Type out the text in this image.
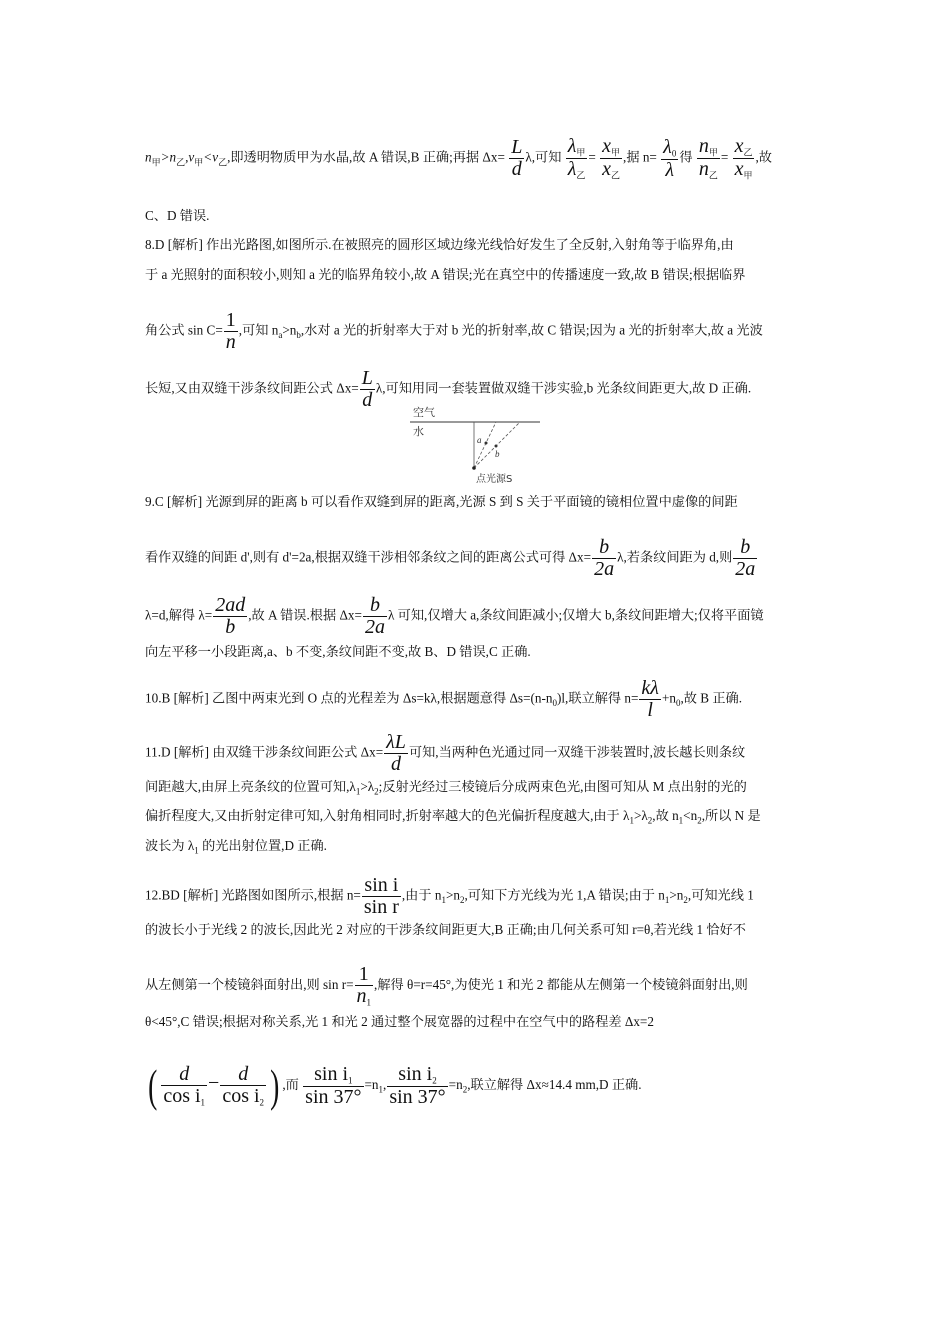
$n_甲>n_乙,v_甲<v_乙$,即透明物质甲为水晶,故 A 错误,B 正确;再据 $\Delta x= \frac{L}{d} \lambda$,可知 $\frac{\lambda_甲}{\lambda_乙} = \frac{x_甲}{x_乙}$ ,据 $n= \frac{\lambda_0}{\lambda}$ 得 $\frac{n_甲}{n_乙} = \frac{x_乙}{x_甲}$ ,故
C、D 错误.
8.D [解析] 作出光路图,如图所示.在被照亮的圆形区域边缘光线恰好发生了全反射,入射角等于临界角,由
于 a 光照射的面积较小,则知 a 光的临界角较小,故 A 错误;光在真空中的传播速度一致,故 B 错误;根据临界
角公式 $\sin C= \frac{1}{n}$ ,可知 $n_a>n_b$,水对 a 光的折射率大于对 b 光的折射率,故 C 错误;因为 a 光的折射率大,故 a 光波
长短,又由双缝干涉条纹间距公式 $\Delta x= \frac{L}{d} \lambda$,可知用同一套装置做双缝干涉实验,b 光条纹间距更大,故 D 正确.
空气
水
a
b
点光源S
9.C [解析] 光源到屏的距离 b 可以看作双缝到屏的距离,光源 S 到 S 关于平面镜的镜相位置中虚像的间距
看作双缝的间距 d',则有 d'=2a,根据双缝干涉相邻条纹之间的距离公式可得 $\Delta x= \frac{b}{2a} \lambda$,若条纹间距为 d,则 $\frac{b}{2a}$
λ=d,解得 $\lambda= \frac{2ad}{b}$ ,故 A 错误.根据 $\Delta x= \frac{b}{2a}$ λ 可知,仅增大 a,条纹间距减小;仅增大 b,条纹间距增大;仅将平面镜
向左平移一小段距离,a、b 不变,条纹间距不变,故 B、D 错误,C 正确.
10.B [解析] 乙图中两束光到 O 点的光程差为 Δs=kλ,根据题意得 $\Delta s=(n-n_0)l$,联立解得 $n= \frac{k\lambda}{l} +n_0$,故 B 正确.
11.D [解析] 由双缝干涉条纹间距公式 $\Delta x= \frac{\lambda L}{d}$ 可知,当两种色光通过同一双缝干涉装置时,波长越长则条纹
间距越大,由屏上亮条纹的位置可知$,\lambda_1>\lambda_2$;反射光经过三棱镜后分成两束色光,由图可知从 M 点出射的光的
偏折程度大,又由折射定律可知,入射角相同时,折射率越大的色光偏折程度越大,由于 $\lambda_1>\lambda_2$,故 $n_1<n_2$,所以 N 是
波长为 $\lambda_1$ 的光出射位置,D 正确.
12.BD [解析] 光路图如图所示,根据 $n= \frac{\text{sin i}}{\text{sin r}}$ ,由于 $n_1>n_2$,可知下方光线为光 1,A 错误;由于 $n_1>n_2$,可知光线 1
的波长小于光线 2 的波长,因此光 2 对应的干涉条纹间距更大,B 正确;由几何关系可知 r=θ,若光线 1 恰好不
从左侧第一个棱镜斜面射出,则 $\sin r= \frac{1}{n_1}$ ,解得 θ=r=45°,为使光 1 和光 2 都能从左侧第一个棱镜斜面射出,则
θ<45°,C 错误;根据对称关系,光 1 和光 2 通过整个展宽器的过程中在空气中的路程差 Δx=2
( $\frac{d}{\cos i_1} - \frac{d}{\cos i_2}$ ) ,而 $\frac{\sin i_1}{\sin 37^\circ} =n_1$, $\frac{\sin i_2}{\sin 37^\circ} =n_2$,联立解得 Δx≈14.4 mm,D 正确.
